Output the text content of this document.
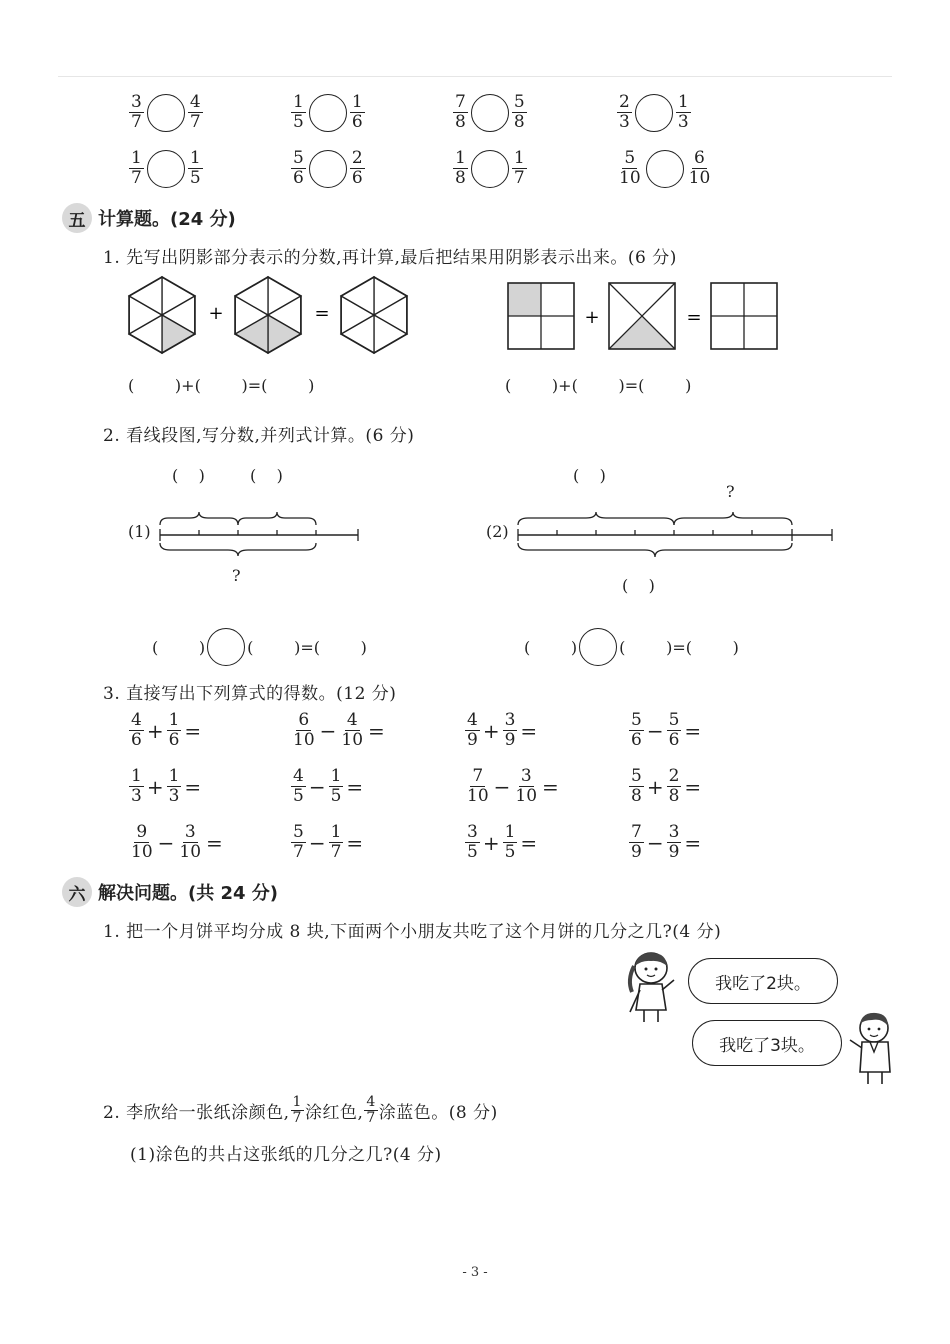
$\frac{3}{7}$	$\frac{4}{7}$	$\frac{1}{5}$	$\frac{1}{6}$	$\frac{7}{8}$	$\frac{5}{8}$	$\frac{2}{3}$	$\frac{1}{3}$
$\frac{1}{7}$	$\frac{1}{5}$	$\frac{5}{6}$	$\frac{2}{6}$	$\frac{1}{8}$	$\frac{1}{7}$	$\frac{5}{10}$	$\frac{6}{10}$
五 计算题。(24 分)
1. 先写出阴影部分表示的分数,再计算,最后把结果用阴影表示出来。(6 分)
+	=	+	=
(        )+(        )=(        )	(        )+(        )=(        )
2. 看线段图,写分数,并列式计算。(6 分)
(    )	(    )
(1)
?
(    )
?
(2)
(    )
(        )	(        )=(        )	(        )	(        )=(        )
3. 直接写出下列算式的得数。(12 分)
$\frac{4}{6} + \frac{1}{6}$ =	$\frac{6}{10} - \frac{4}{10}$ =	$\frac{4}{9} + \frac{3}{9}$ =	$\frac{5}{6} - \frac{5}{6}$ =
$\frac{1}{3} + \frac{1}{3}$ =	$\frac{4}{5} - \frac{1}{5}$ =	$\frac{7}{10} - \frac{3}{10}$ =	$\frac{5}{8} + \frac{2}{8}$ =
$\frac{9}{10} - \frac{3}{10}$ =	$\frac{5}{7} - \frac{1}{7}$ =	$\frac{3}{5} + \frac{1}{5}$ =	$\frac{7}{9} - \frac{3}{9}$ =
六 解决问题。(共 24 分)
1. 把一个月饼平均分成 8 块,下面两个小朋友共吃了这个月饼的几分之几?(4 分)
我吃了2块。
我吃了3块。
2. 李欣给一张纸涂颜色, $\frac{1}{7}$ 涂红色, $\frac{4}{7}$ 涂蓝色。(8 分)
(1)涂色的共占这张纸的几分之几?(4 分)
- 3 -
